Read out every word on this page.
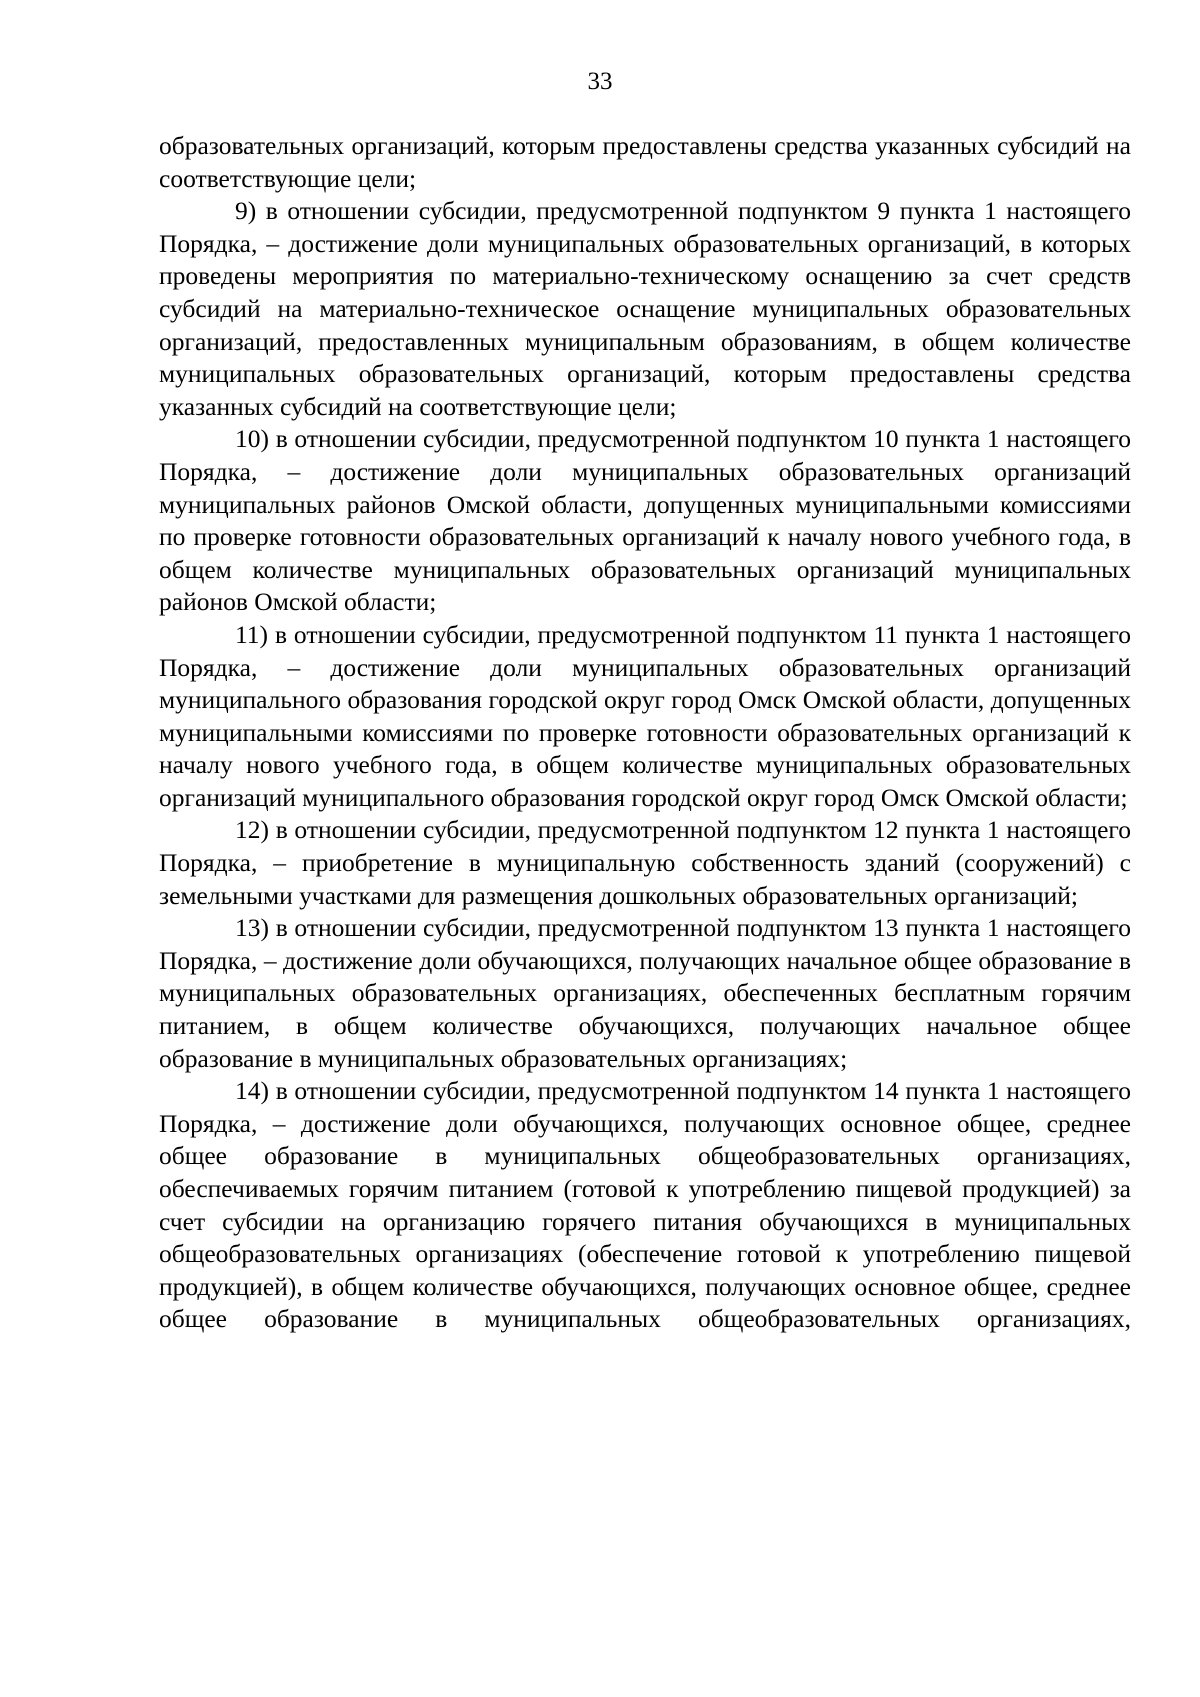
33

образовательных организаций, которым предоставлены средства указанных субсидий на соответствующие цели;

9) в отношении субсидии, предусмотренной подпунктом 9 пункта 1 настоящего Порядка, – достижение доли муниципальных образовательных организаций, в которых проведены мероприятия по материально-техническому оснащению за счет средств субсидий на материально-техническое оснащение муниципальных образовательных организаций, предоставленных муниципальным образованиям, в общем количестве муниципальных образовательных организаций, которым предоставлены средства указанных субсидий на соответствующие цели;

10) в отношении субсидии, предусмотренной подпунктом 10 пункта 1 настоящего Порядка, – достижение доли муниципальных образовательных организаций муниципальных районов Омской области, допущенных муниципальными комиссиями по проверке готовности образовательных организаций к началу нового учебного года, в общем количестве муниципальных образовательных организаций муниципальных районов Омской области;

11) в отношении субсидии, предусмотренной подпунктом 11 пункта 1 настоящего Порядка, – достижение доли муниципальных образовательных организаций муниципального образования городской округ город Омск Омской области, допущенных муниципальными комиссиями по проверке готовности образовательных организаций к началу нового учебного года, в общем количестве муниципальных образовательных организаций муниципального образования городской округ город Омск Омской области;

12) в отношении субсидии, предусмотренной подпунктом 12 пункта 1 настоящего Порядка, – приобретение в муниципальную собственность зданий (сооружений) с земельными участками для размещения дошкольных образовательных организаций;

13) в отношении субсидии, предусмотренной подпунктом 13 пункта 1 настоящего Порядка, – достижение доли обучающихся, получающих начальное общее образование в муниципальных образовательных организациях, обеспеченных бесплатным горячим питанием, в общем количестве обучающихся, получающих начальное общее образование в муниципальных образовательных организациях;

14) в отношении субсидии, предусмотренной подпунктом 14 пункта 1 настоящего Порядка, – достижение доли обучающихся, получающих основное общее, среднее общее образование в муниципальных общеобразовательных организациях, обеспечиваемых горячим питанием (готовой к употреблению пищевой продукцией) за счет субсидии на организацию горячего питания обучающихся в муниципальных общеобразовательных организациях (обеспечение готовой к употреблению пищевой продукцией), в общем количестве обучающихся, получающих основное общее, среднее общее образование в муниципальных общеобразовательных организациях,
